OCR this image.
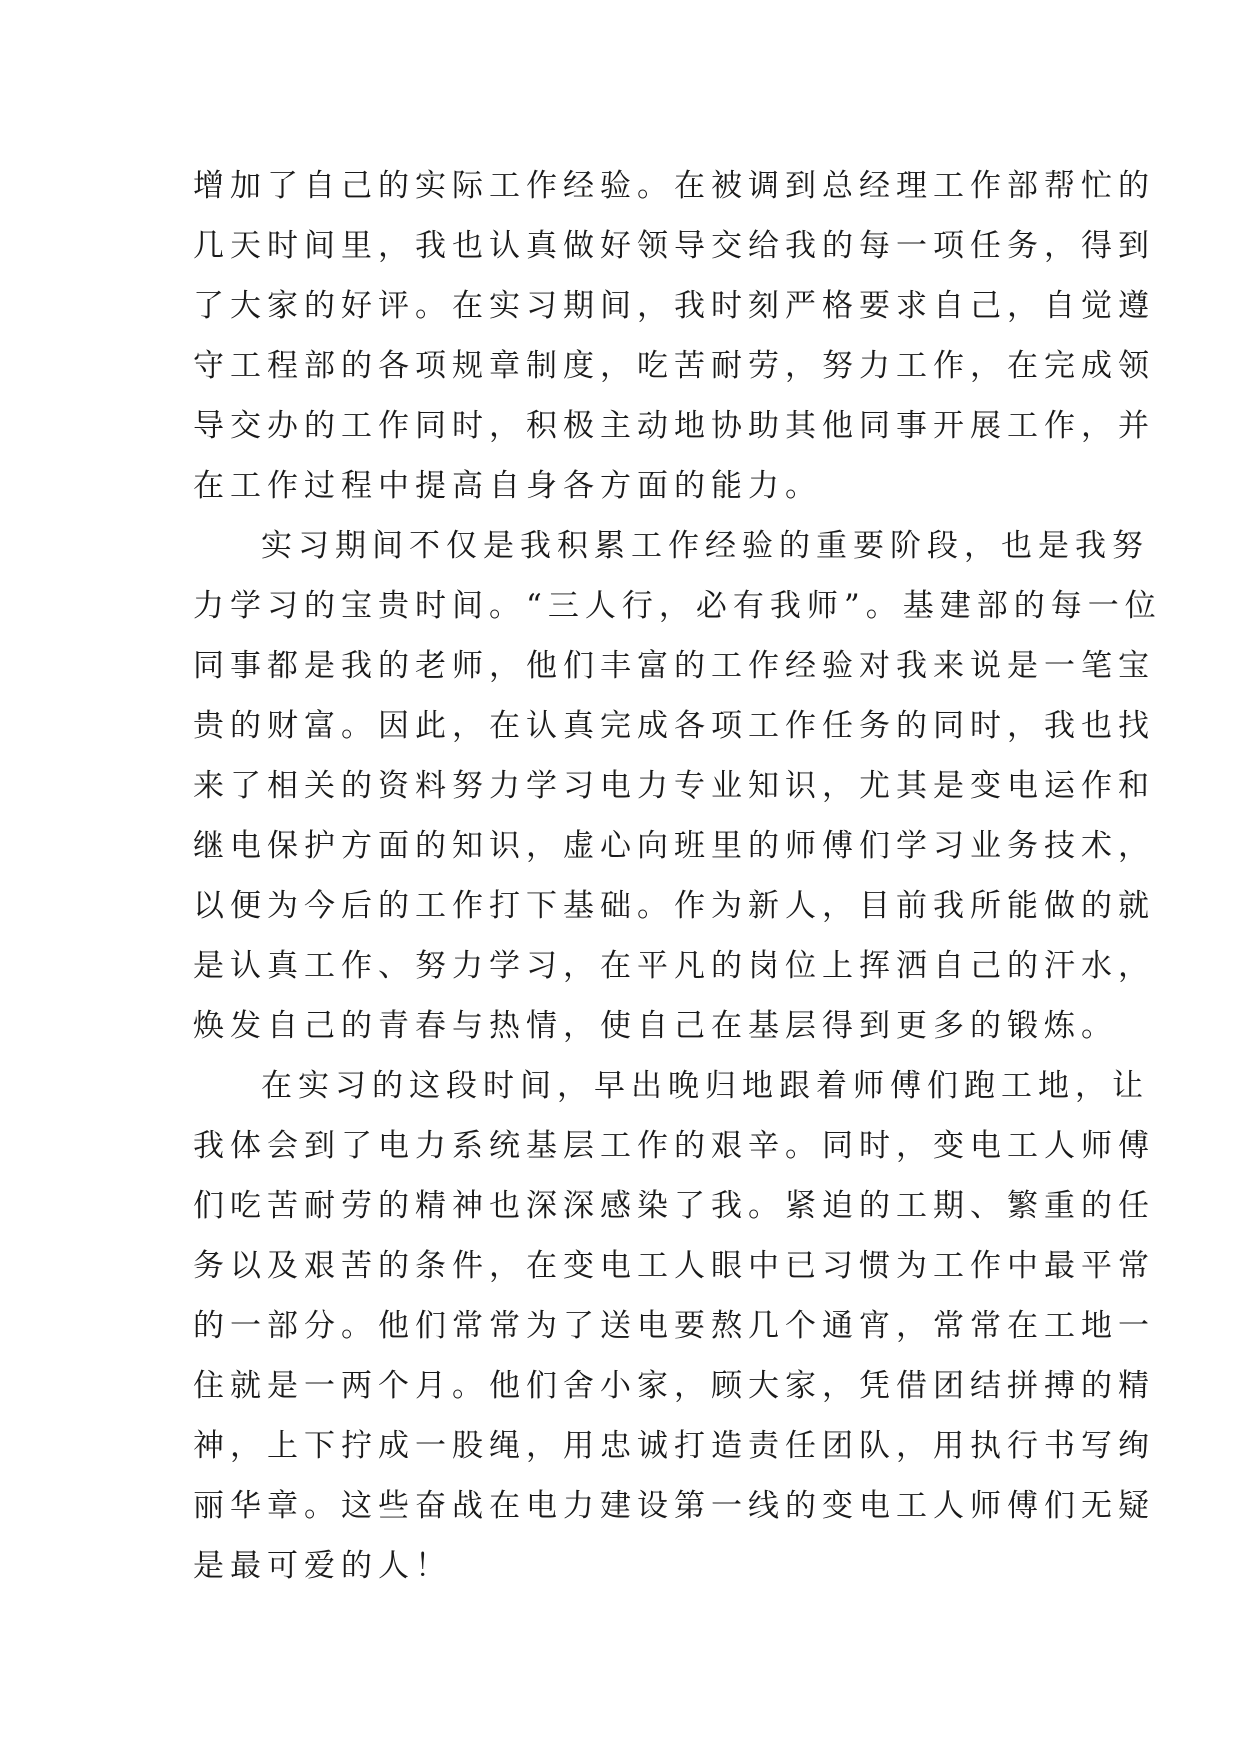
增加了自己的实际工作经验。在被调到总经理工作部帮忙的
几天时间里，我也认真做好领导交给我的每一项任务，得到
了大家的好评。在实习期间，我时刻严格要求自己，自觉遵
守工程部的各项规章制度，吃苦耐劳，努力工作，在完成领
导交办的工作同时，积极主动地协助其他同事开展工作，并
在工作过程中提高自身各方面的能力。
实习期间不仅是我积累工作经验的重要阶段，也是我努
力学习的宝贵时间。“三人行，必有我师”。基建部的每一位
同事都是我的老师，他们丰富的工作经验对我来说是一笔宝
贵的财富。因此，在认真完成各项工作任务的同时，我也找
来了相关的资料努力学习电力专业知识，尤其是变电运作和
继电保护方面的知识，虚心向班里的师傅们学习业务技术，
以便为今后的工作打下基础。作为新人，目前我所能做的就
是认真工作、努力学习，在平凡的岗位上挥洒自己的汗水，
焕发自己的青春与热情，使自己在基层得到更多的锻炼。
在实习的这段时间，早出晚归地跟着师傅们跑工地，让
我体会到了电力系统基层工作的艰辛。同时，变电工人师傅
们吃苦耐劳的精神也深深感染了我。紧迫的工期、繁重的任
务以及艰苦的条件，在变电工人眼中已习惯为工作中最平常
的一部分。他们常常为了送电要熬几个通宵，常常在工地一
住就是一两个月。他们舍小家，顾大家，凭借团结拼搏的精
神，上下拧成一股绳，用忠诚打造责任团队，用执行书写绚
丽华章。这些奋战在电力建设第一线的变电工人师傅们无疑
是最可爱的人！
